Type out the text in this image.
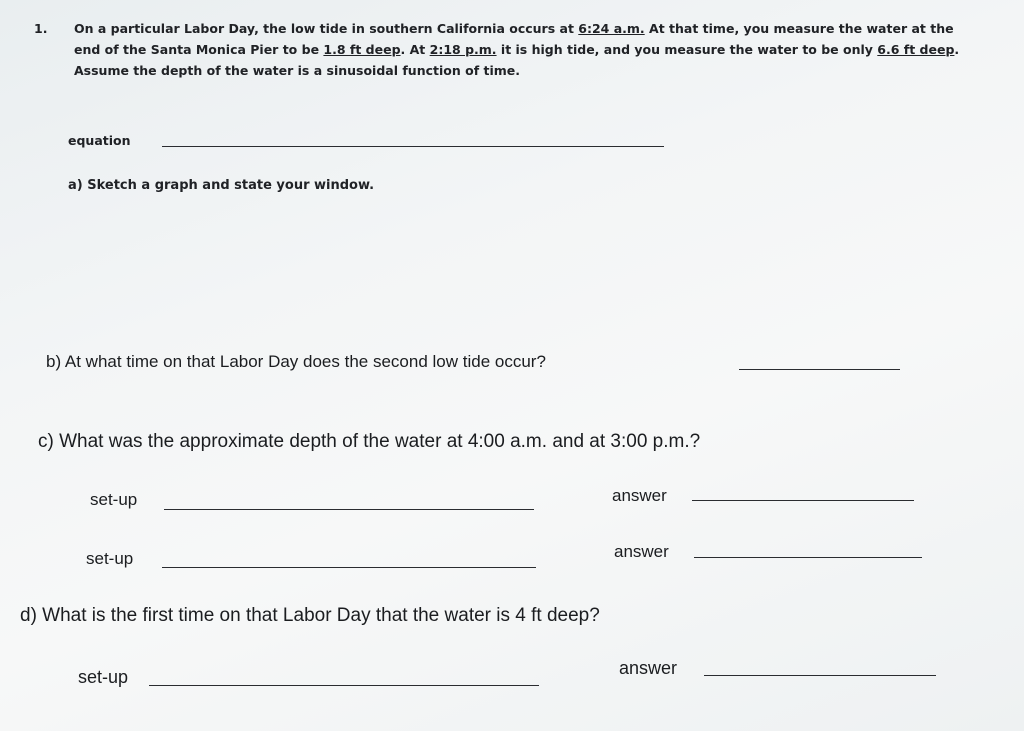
1. On a particular Labor Day, the low tide in southern California occurs at 6:24 a.m. At that time, you measure the water at the end of the Santa Monica Pier to be 1.8 ft deep. At 2:18 p.m. it is high tide, and you measure the water to be only 6.6 ft deep. Assume the depth of the water is a sinusoidal function of time.
equation
a) Sketch a graph and state your window.
b) At what time on that Labor Day does the second low tide occur?
c) What was the approximate depth of the water at 4:00 a.m. and at 3:00 p.m.?
set-up	answer
set-up	answer
d) What is the first time on that Labor Day that the water is 4 ft deep?
set-up	answer
